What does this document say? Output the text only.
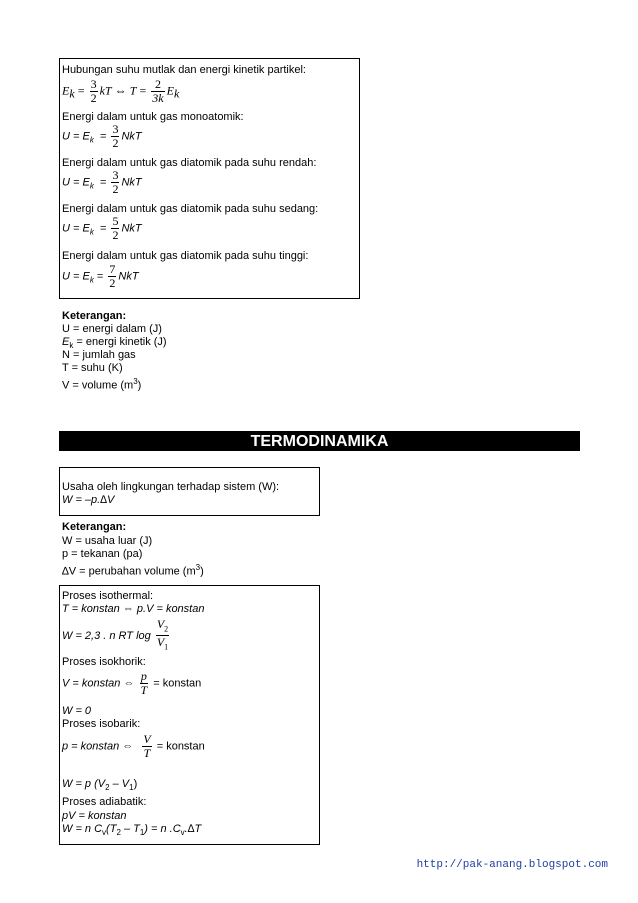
Hubungan suhu mutlak dan energi kinetik partikel:
$E_k = \frac{3}{2}$ kT ⇔ $T = \frac{2}{3k} E_k$
Energi dalam untuk gas monoatomik:
$U = E_k = \frac{3}{2}$ NkT
Energi dalam untuk gas diatomik pada suhu rendah:
$U = E_k = \frac{3}{2}$ NkT
Energi dalam untuk gas diatomik pada suhu sedang:
$U = E_k = \frac{5}{2}$ NkT
Energi dalam untuk gas diatomik pada suhu tinggi:
$U = E_k = \frac{7}{2}$ NkT
Keterangan:
U = energi dalam (J)
$E_k$ = energi kinetik (J)
N = jumlah gas
T = suhu (K)
V = volume $(m^3)$
TERMODINAMIKA
Usaha oleh lingkungan terhadap sistem (W):
W = –p.∆V
Keterangan:
W = usaha luar (J)
p = tekanan (pa)
∆V = perubahan volume $(m^3)$
Proses isothermal:
T = konstan ⇔ p.V = konstan
W = 2,3 . n RT $\log \frac{V_2}{V_1}$
Proses isokhorik:
V = konstan ⇔ $\frac{p}{T}$ = konstan
W = 0
Proses isobarik:
p = konstan ⇔ $\frac{V}{T}$ = konstan
W = p $(V_2 - V_1)$
Proses adiabatik:
pV = konstan
W = n $C_v(T_2 - T_1) = n$ $.C_v.\Delta T$
http://pak-anang.blogspot.com
